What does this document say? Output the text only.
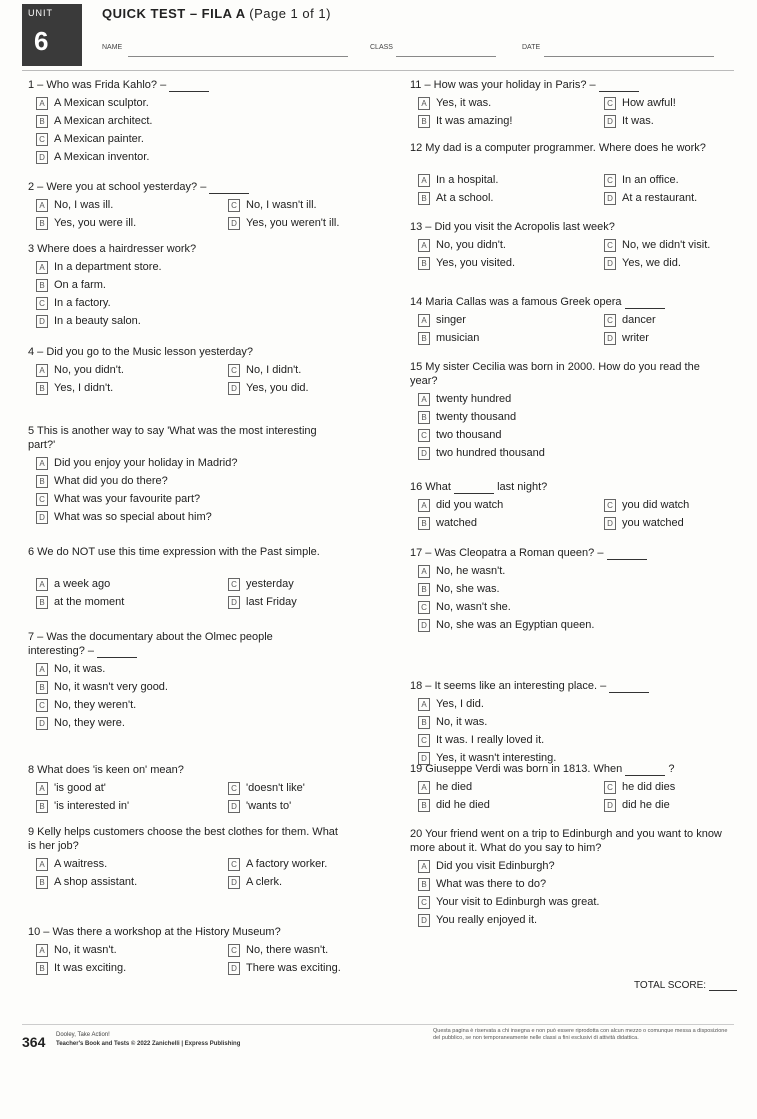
UNIT
6
QUICK TEST – FILA A (Page 1 of 1)
NAME	CLASS	DATE
1 – Who was Frida Kahlo? –
A A Mexican sculptor.
B A Mexican architect.
C A Mexican painter.
D A Mexican inventor.
2 – Were you at school yesterday? –
A No, I was ill.	C No, I wasn't ill.
B Yes, you were ill.	D Yes, you weren't ill.
3 Where does a hairdresser work?
A In a department store.
B On a farm.
C In a factory.
D In a beauty salon.
4 – Did you go to the Music lesson yesterday?
A No, you didn't.	C No, I didn't.
B Yes, I didn't.	D Yes, you did.
5 This is another way to say 'What was the most interesting part?'
A Did you enjoy your holiday in Madrid?
B What did you do there?
C What was your favourite part?
D What was so special about him?
6 We do NOT use this time expression with the Past simple.
A a week ago	C yesterday
B at the moment	D last Friday
7 – Was the documentary about the Olmec people interesting? –
A No, it was.
B No, it wasn't very good.
C No, they weren't.
D No, they were.
8 What does 'is keen on' mean?
A 'is good at'	C 'doesn't like'
B 'is interested in'	D 'wants to'
9 Kelly helps customers choose the best clothes for them. What is her job?
A A waitress.	C A factory worker.
B A shop assistant.	D A clerk.
10 – Was there a workshop at the History Museum?
A No, it wasn't.	C No, there wasn't.
B It was exciting.	D There was exciting.
11 – How was your holiday in Paris? –
A Yes, it was.	C How awful!
B It was amazing!	D It was.
12 My dad is a computer programmer. Where does he work?
A In a hospital.	C In an office.
B At a school.	D At a restaurant.
13 – Did you visit the Acropolis last week?
A No, you didn't.	C No, we didn't visit.
B Yes, you visited.	D Yes, we did.
14 Maria Callas was a famous Greek opera
A singer	C dancer
B musician	D writer
15 My sister Cecilia was born in 2000. How do you read the year?
A twenty hundred
B twenty thousand
C two thousand
D two hundred thousand
16 What	last night?
A did you watch	C you did watch
B watched	D you watched
17 – Was Cleopatra a Roman queen? –
A No, he wasn't.
B No, she was.
C No, wasn't she.
D No, she was an Egyptian queen.
18 – It seems like an interesting place. –
A Yes, I did.
B No, it was.
C It was. I really loved it.
D Yes, it wasn't interesting.
19 Giuseppe Verdi was born in 1813. When	?
A he died	C he did dies
B did he died	D did he die
20 Your friend went on a trip to Edinburgh and you want to know more about it. What do you say to him?
A Did you visit Edinburgh?
B What was there to do?
C Your visit to Edinburgh was great.
D You really enjoyed it.
TOTAL SCORE:
364 Dooley, Take Action!
Teacher's Book and Tests © 2022 Zanichelli | Express Publishing
Questa pagina è riservata a chi insegna e non può essere riprodotta con alcun mezzo o comunque messa a disposizione del pubblico, se non temporaneamente nelle classi a fini esclusivi di attività didattica.
